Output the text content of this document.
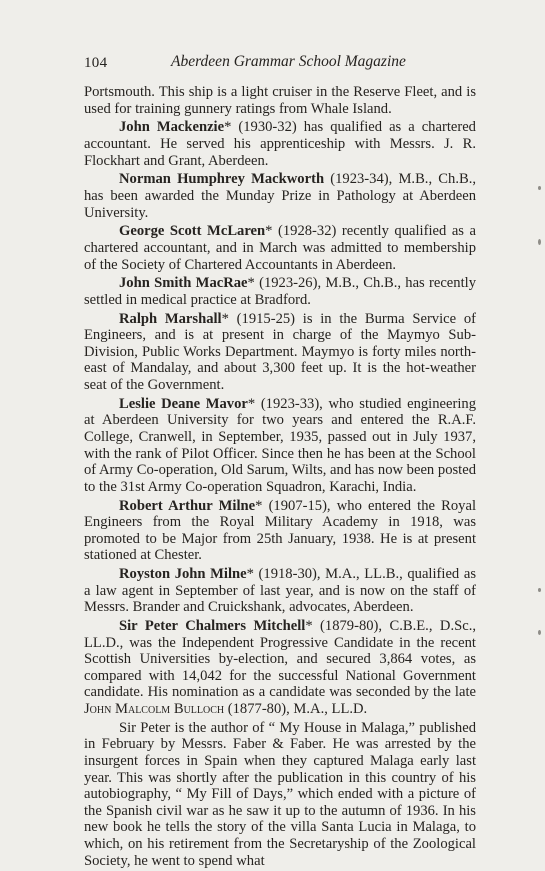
104	Aberdeen Grammar School Magazine

Portsmouth. This ship is a light cruiser in the Reserve Fleet, and is used for training gunnery ratings from Whale Island.

John Mackenzie* (1930-32) has qualified as a chartered accountant. He served his apprenticeship with Messrs. J. R. Flockhart and Grant, Aberdeen.

Norman Humphrey Mackworth (1923-34), M.B., Ch.B., has been awarded the Munday Prize in Pathology at Aberdeen University.

George Scott McLaren* (1928-32) recently qualified as a chartered accountant, and in March was admitted to membership of the Society of Chartered Accountants in Aberdeen.

John Smith MacRae* (1923-26), M.B., Ch.B., has recently settled in medical practice at Bradford.

Ralph Marshall* (1915-25) is in the Burma Service of Engineers, and is at present in charge of the Maymyo Sub-Division, Public Works Department. Maymyo is forty miles north-east of Mandalay, and about 3,300 feet up. It is the hot-weather seat of the Government.

Leslie Deane Mavor* (1923-33), who studied engineering at Aberdeen University for two years and entered the R.A.F. College, Cranwell, in September, 1935, passed out in July 1937, with the rank of Pilot Officer. Since then he has been at the School of Army Co-operation, Old Sarum, Wilts, and has now been posted to the 31st Army Co-operation Squadron, Karachi, India.

Robert Arthur Milne* (1907-15), who entered the Royal Engineers from the Royal Military Academy in 1918, was promoted to be Major from 25th January, 1938. He is at present stationed at Chester.

Royston John Milne* (1918-30), M.A., LL.B., qualified as a law agent in September of last year, and is now on the staff of Messrs. Brander and Cruickshank, advocates, Aberdeen.

Sir Peter Chalmers Mitchell* (1879-80), C.B.E., D.Sc., LL.D., was the Independent Progressive Candidate in the recent Scottish Universities by-election, and secured 3,864 votes, as compared with 14,042 for the successful National Government candidate. His nomination as a candidate was seconded by the late John Malcolm Bulloch (1877-80), M.A., LL.D.

Sir Peter is the author of “ My House in Malaga,” published in February by Messrs. Faber & Faber. He was arrested by the insurgent forces in Spain when they captured Malaga early last year. This was shortly after the publication in this country of his autobiography, “ My Fill of Days,” which ended with a picture of the Spanish civil war as he saw it up to the autumn of 1936. In his new book he tells the story of the villa Santa Lucia in Malaga, to which, on his retirement from the Secretaryship of the Zoological Society, he went to spend what
